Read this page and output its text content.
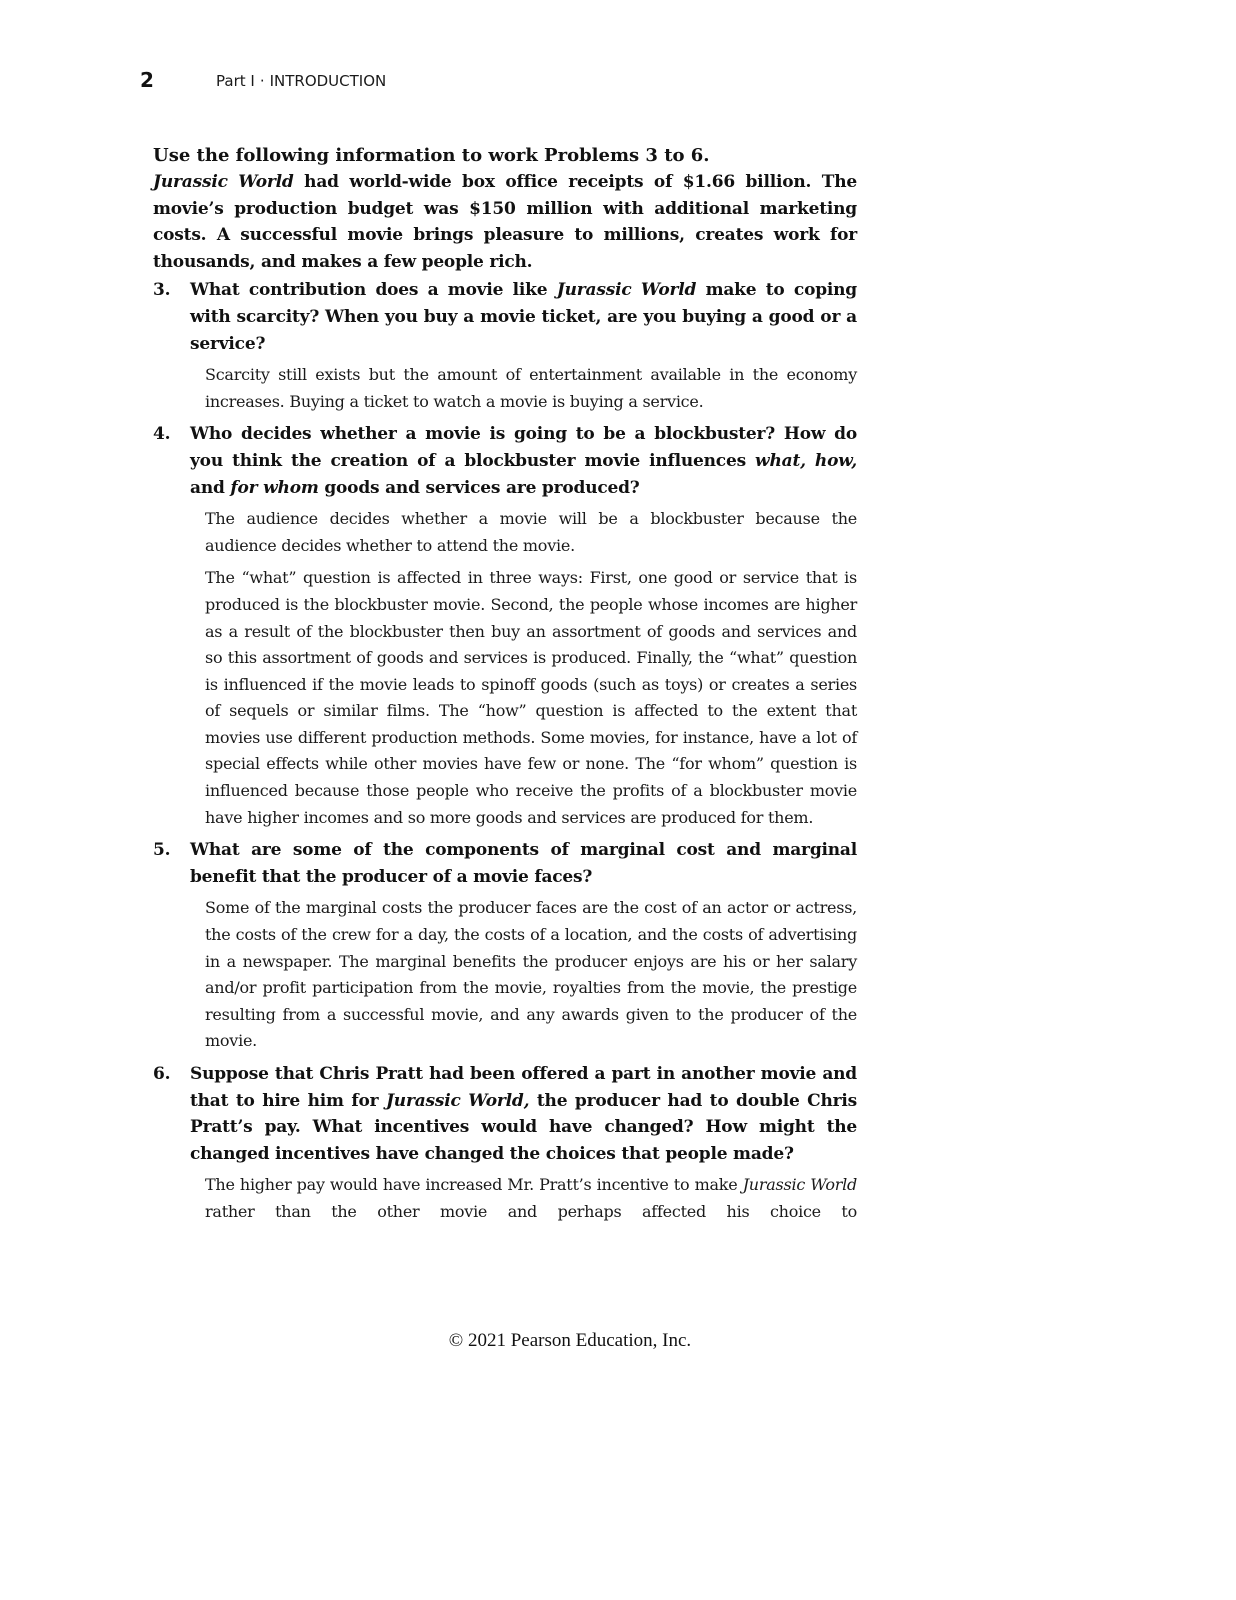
2	Part I · INTRODUCTION
Use the following information to work Problems 3 to 6.

Jurassic World had world-wide box office receipts of $1.66 billion. The movie’s production budget was $150 million with additional marketing costs. A successful movie brings pleasure to millions, creates work for thousands, and makes a few people rich.

3. What contribution does a movie like Jurassic World make to coping with scarcity? When you buy a movie ticket, are you buying a good or a service?

Scarcity still exists but the amount of entertainment available in the economy increases. Buying a ticket to watch a movie is buying a service.

4. Who decides whether a movie is going to be a blockbuster? How do you think the creation of a blockbuster movie influences what, how, and for whom goods and services are produced?

The audience decides whether a movie will be a blockbuster because the audience decides whether to attend the movie.

The “what” question is affected in three ways: First, one good or service that is produced is the blockbuster movie. Second, the people whose incomes are higher as a result of the blockbuster then buy an assortment of goods and services and so this assortment of goods and services is produced. Finally, the “what” question is influenced if the movie leads to spinoff goods (such as toys) or creates a series of sequels or similar films. The “how” question is affected to the extent that movies use different production methods. Some movies, for instance, have a lot of special effects while other movies have few or none. The “for whom” question is influenced because those people who receive the profits of a blockbuster movie have higher incomes and so more goods and services are produced for them.

5. What are some of the components of marginal cost and marginal benefit that the producer of a movie faces?

Some of the marginal costs the producer faces are the cost of an actor or actress, the costs of the crew for a day, the costs of a location, and the costs of advertising in a newspaper. The marginal benefits the producer enjoys are his or her salary and/or profit participation from the movie, royalties from the movie, the prestige resulting from a successful movie, and any awards given to the producer of the movie.

6. Suppose that Chris Pratt had been offered a part in another movie and that to hire him for Jurassic World, the producer had to double Chris Pratt’s pay. What incentives would have changed? How might the changed incentives have changed the choices that people made?

The higher pay would have increased Mr. Pratt’s incentive to make Jurassic World rather than the other movie and perhaps affected his choice to

© 2021 Pearson Education, Inc.
